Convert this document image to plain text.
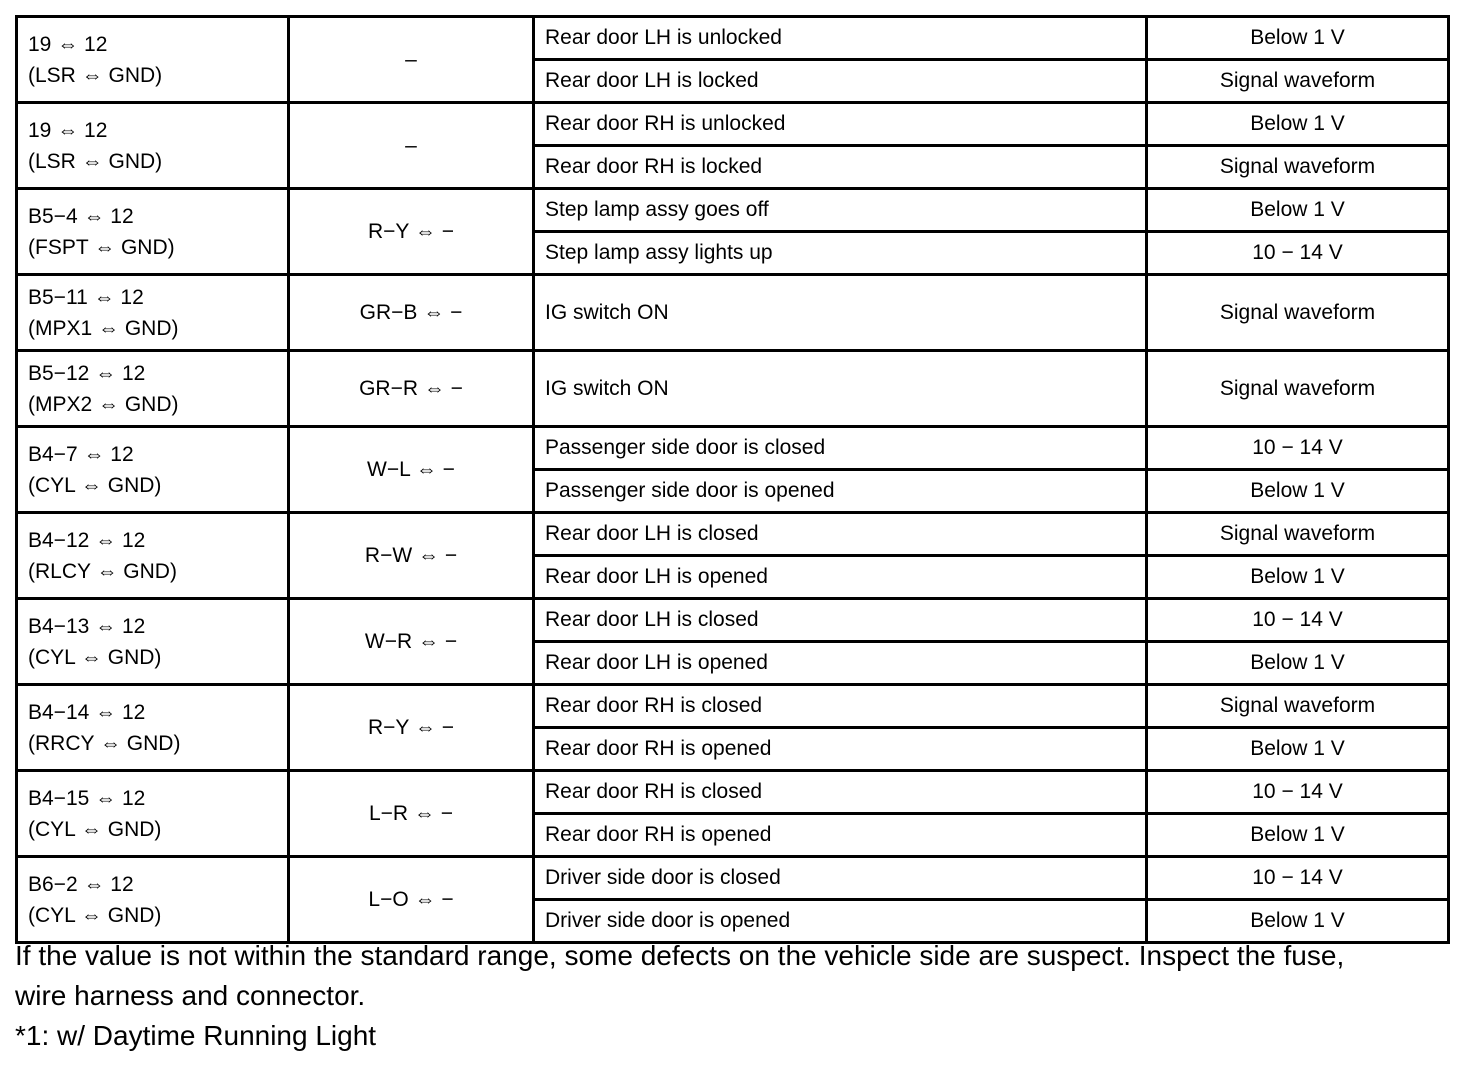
19 ⇔ 12
(LSR ⇔ GND)	–	Rear door LH is unlocked	Below 1 V
		Rear door LH is locked	Signal waveform

19 ⇔ 12
(LSR ⇔ GND)	–	Rear door RH is unlocked	Below 1 V
		Rear door RH is locked	Signal waveform

B5−4 ⇔ 12
(FSPT ⇔ GND)	R−Y ⇔ −	Step lamp assy goes off	Below 1 V
		Step lamp assy lights up	10 − 14 V

B5−11 ⇔ 12
(MPX1 ⇔ GND)	GR−B ⇔ −	IG switch ON	Signal waveform

B5−12 ⇔ 12
(MPX2 ⇔ GND)	GR−R ⇔ −	IG switch ON	Signal waveform

B4−7 ⇔ 12
(CYL ⇔ GND)	W−L ⇔ −	Passenger side door is closed	10 − 14 V
		Passenger side door is opened	Below 1 V

B4−12 ⇔ 12
(RLCY ⇔ GND)	R−W ⇔ −	Rear door LH is closed	Signal waveform
		Rear door LH is opened	Below 1 V

B4−13 ⇔ 12
(CYL ⇔ GND)	W−R ⇔ −	Rear door LH is closed	10 − 14 V
		Rear door LH is opened	Below 1 V

B4−14 ⇔ 12
(RRCY ⇔ GND)	R−Y ⇔ −	Rear door RH is closed	Signal waveform
		Rear door RH is opened	Below 1 V

B4−15 ⇔ 12
(CYL ⇔ GND)	L−R ⇔ −	Rear door RH is closed	10 − 14 V
		Rear door RH is opened	Below 1 V

B6−2 ⇔ 12
(CYL ⇔ GND)	L−O ⇔ −	Driver side door is closed	10 − 14 V
		Driver side door is opened	Below 1 V
If the value is not within the standard range, some defects on the vehicle side are suspect. Inspect the fuse,
wire harness and connector.
*1: w/ Daytime Running Light
